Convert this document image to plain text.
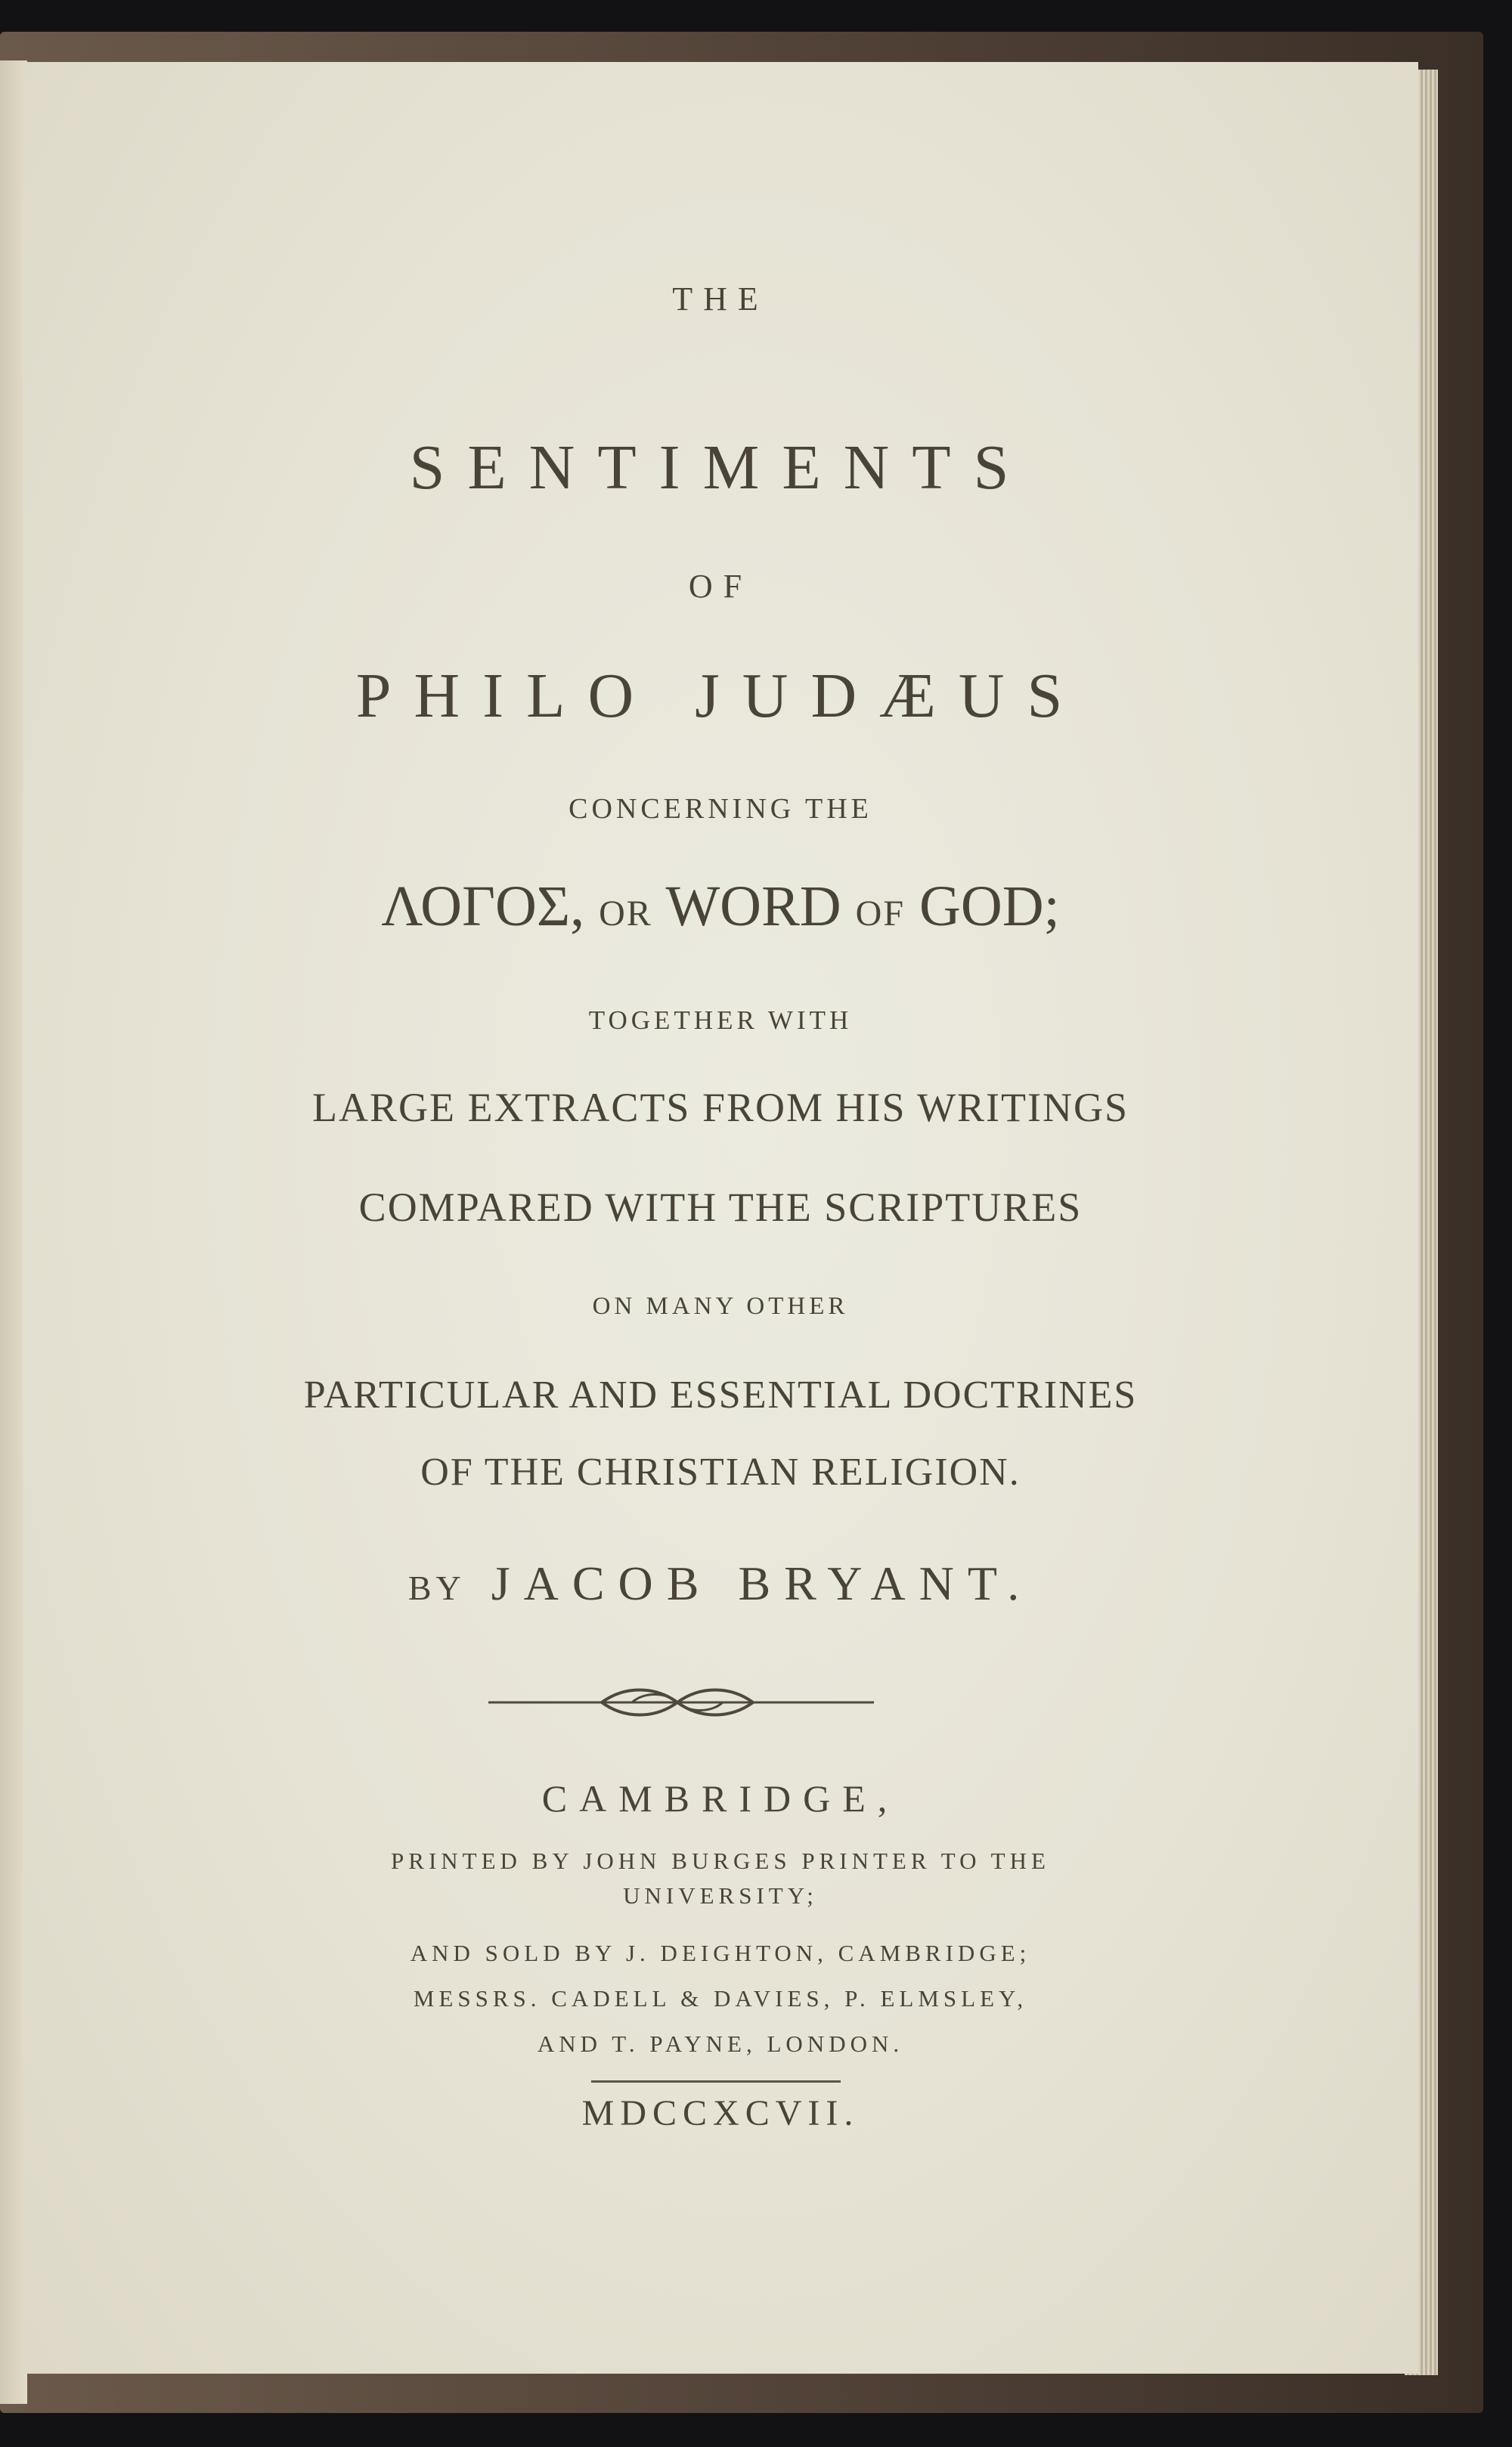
THE
SENTIMENTS
OF
PHILO JUDÆUS
CONCERNING THE
ΛΟΓΟΣ, OR WORD OF GOD;
TOGETHER WITH
LARGE EXTRACTS FROM HIS WRITINGS
COMPARED WITH THE SCRIPTURES
ON MANY OTHER
PARTICULAR AND ESSENTIAL DOCTRINES
OF THE CHRISTIAN RELIGION.
BY JACOB BRYANT.
CAMBRIDGE,
PRINTED BY JOHN BURGES PRINTER TO THE
UNIVERSITY;
AND SOLD BY J. DEIGHTON, CAMBRIDGE;
MESSRS. CADELL & DAVIES, P. ELMSLEY,
AND T. PAYNE, LONDON.
MDCCXCVII.
